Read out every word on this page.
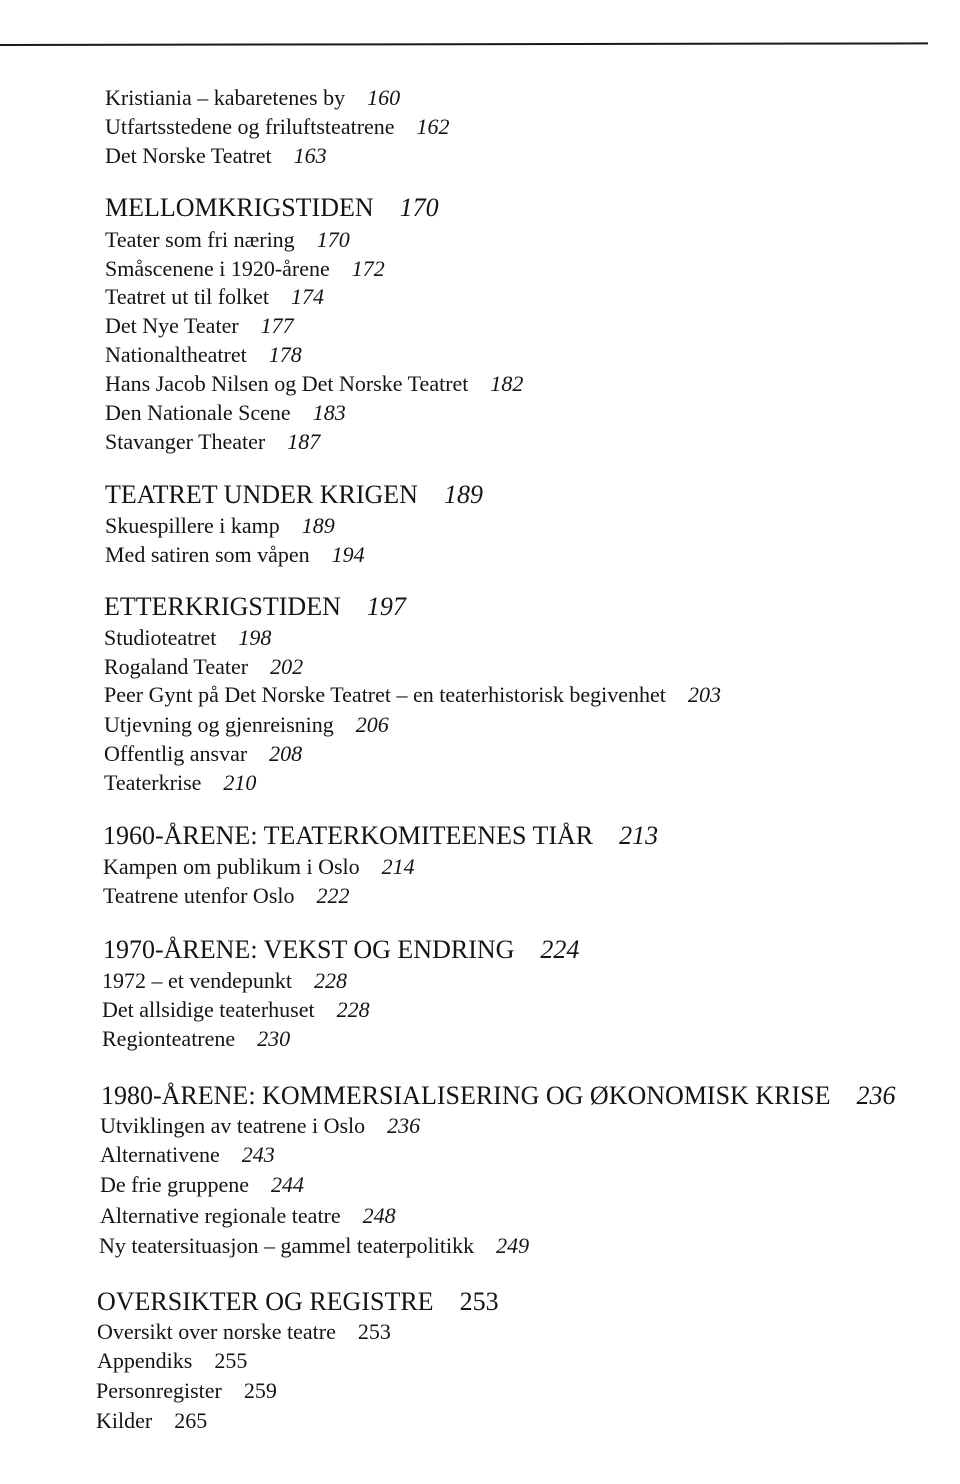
Kristiania – kabaretenes by 160
Utfartsstedene og friluftsteatrene 162
Det Norske Teatret 163
MELLOMKRIGSTIDEN 170
Teater som fri næring 170
Småscenene i 1920-årene 172
Teatret ut til folket 174
Det Nye Teater 177
Nationaltheatret 178
Hans Jacob Nilsen og Det Norske Teatret 182
Den Nationale Scene 183
Stavanger Theater 187
TEATRET UNDER KRIGEN 189
Skuespillere i kamp 189
Med satiren som våpen 194
ETTERKRIGSTIDEN 197
Studioteatret 198
Rogaland Teater 202
Peer Gynt på Det Norske Teatret – en teaterhistorisk begivenhet 203
Utjevning og gjenreisning 206
Offentlig ansvar 208
Teaterkrise 210
1960-ÅRENE: TEATERKOMITEENES TIÅR 213
Kampen om publikum i Oslo 214
Teatrene utenfor Oslo 222
1970-ÅRENE: VEKST OG ENDRING 224
1972 – et vendepunkt 228
Det allsidige teaterhuset 228
Regionteatrene 230
1980-ÅRENE: KOMMERSIALISERING OG ØKONOMISK KRISE 236
Utviklingen av teatrene i Oslo 236
Alternativene 243
De frie gruppene 244
Alternative regionale teatre 248
Ny teatersituasjon – gammel teaterpolitikk 249
OVERSIKTER OG REGISTRE 253
Oversikt over norske teatre 253
Appendiks 255
Personregister 259
Kilder 265
